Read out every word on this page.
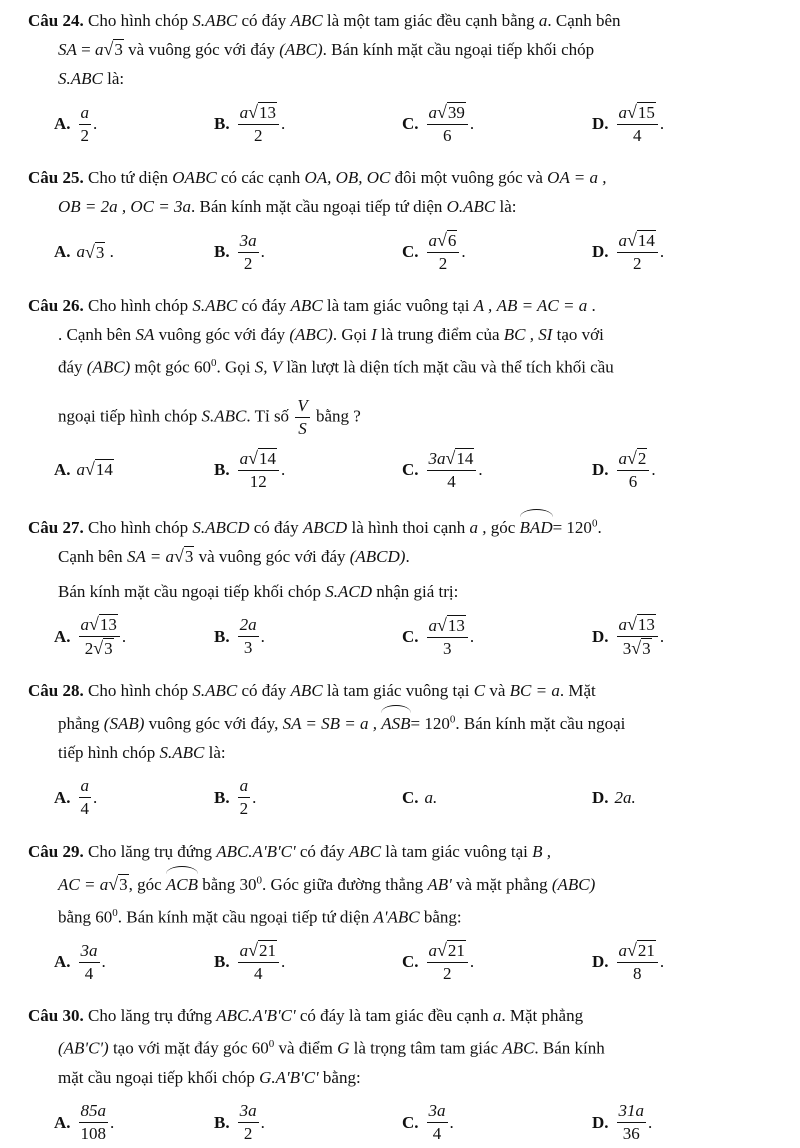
Câu 24. Cho hình chóp S.ABC có đáy ABC là một tam giác đều cạnh bằng a. Cạnh bên
SA = a√3 và vuông góc với đáy (ABC). Bán kính mặt cầu ngoại tiếp khối chóp
S.ABC là:
A. $\frac{a}{2}$ .	B. $\frac{a√13}{2}$ .	C. $\frac{a√39}{6}$ .	D. $\frac{a√15}{4}$ .
Câu 25. Cho tứ diện OABC có các cạnh OA, OB, OC đôi một vuông góc và OA = a ,
OB = 2a , OC = 3a. Bán kính mặt cầu ngoại tiếp tứ diện O.ABC là:
A. a √3
.	B. $\frac{3a}{2}$ .	C. $\frac{a√6}{2}$ .	D. $\frac{a√14}{2}$ .
Câu 26. Cho hình chóp S.ABC có đáy ABC là tam giác vuông tại A , AB = AC = a .
. Cạnh bên SA vuông góc với đáy (ABC). Gọi I là trung điểm của BC , SI tạo với
đáy (ABC) một góc $60^0$. Gọi S, V lần lượt là diện tích mặt cầu và thể tích khối cầu
ngoại tiếp hình chóp S.ABC. Tỉ số $\frac{V}{S}$ bằng ?
A. a √14	B. $\frac{a√14}{12}$ .	C. $\frac{3a√14}{4}$ .	D. $\frac{a√2}{6}$ .
Câu 27. Cho hình chóp S.ABCD có đáy ABCD là hình thoi cạnh a , góc $BAD= 120^0$.
Cạnh bên SA = a√3 và vuông góc với đáy (ABCD).
Bán kính mặt cầu ngoại tiếp khối chóp S.ACD nhận giá trị:
A. $\frac{a√13}{2√3}$ .	B. $\frac{2a}{3}$ .	C. $\frac{a√13}{3}$ .	D. $\frac{a√13}{3√3}$ .
Câu 28. Cho hình chóp S.ABC có đáy ABC là tam giác vuông tại C và BC = a. Mặt
phẳng (SAB) vuông góc với đáy, SA = SB = a , $ASB= 120^0$. Bán kính mặt cầu ngoại
tiếp hình chóp S.ABC là:
A. $\frac{a}{4}$ .	B. $\frac{a}{2}$ .	C. a.	D. 2a.
Câu 29. Cho lăng trụ đứng ABC.A'B'C' có đáy ABC là tam giác vuông tại B ,
AC = a√3, góc ACB bằng $30^0$. Góc giữa đường thẳng AB' và mặt phẳng (ABC)
bằng $60^0$. Bán kính mặt cầu ngoại tiếp tứ diện A'ABC bằng:
A. $\frac{3a}{4}$ .	B. $\frac{a√21}{4}$ .	C. $\frac{a√21}{2}$ .	D. $\frac{a√21}{8}$ .
Câu 30. Cho lăng trụ đứng ABC.A'B'C' có đáy là tam giác đều cạnh a. Mặt phẳng
(AB'C') tạo với mặt đáy góc $60^0$ và điểm G là trọng tâm tam giác ABC. Bán kính
mặt cầu ngoại tiếp khối chóp G.A'B'C' bằng:
A. $\frac{85a}{108}$ .	B. $\frac{3a}{2}$ .	C. $\frac{3a}{4}$ .	D. $\frac{31a}{36}$ .
